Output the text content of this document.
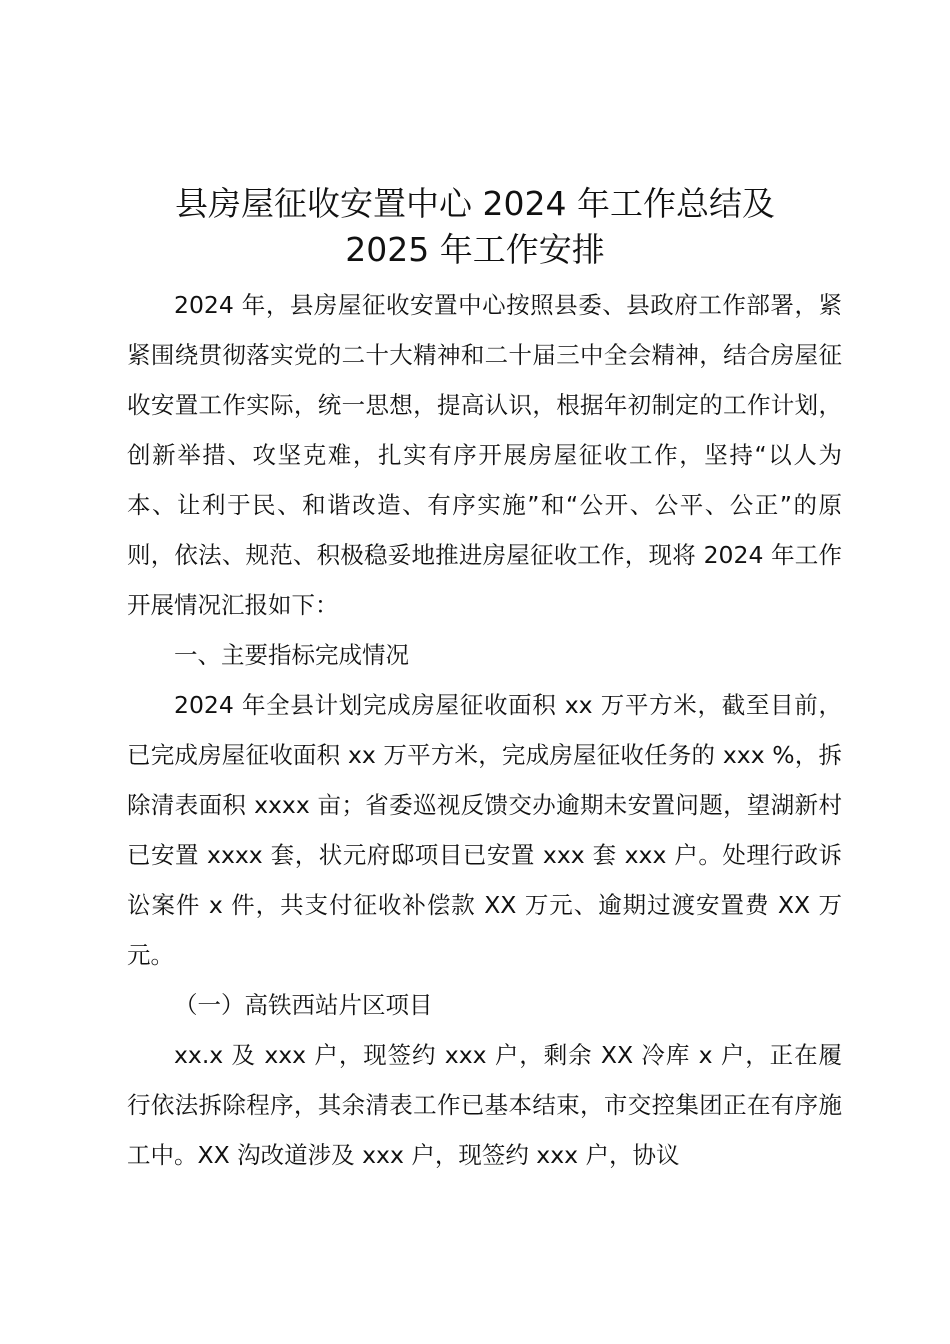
县房屋征收安置中心 2024 年工作总结及
2025 年工作安排

2024 年，县房屋征收安置中心按照县委、县政府工作部署，紧紧围绕贯彻落实党的二十大精神和二十届三中全会精神，结合房屋征收安置工作实际，统一思想，提高认识，根据年初制定的工作计划，创新举措、攻坚克难，扎实有序开展房屋征收工作，坚持“以人为本、让利于民、和谐改造、有序实施”和“公开、公平、公正”的原则，依法、规范、积极稳妥地推进房屋征收工作，现将 2024 年工作开展情况汇报如下：

一、主要指标完成情况

2024 年全县计划完成房屋征收面积 xx 万平方米，截至目前，已完成房屋征收面积 xx 万平方米，完成房屋征收任务的 xxx %，拆除清表面积 xxxx 亩；省委巡视反馈交办逾期未安置问题，望湖新村已安置 xxxx 套，状元府邸项目已安置 xxx 套 xxx 户。处理行政诉讼案件 x 件，共支付征收补偿款 XX 万元、逾期过渡安置费 XX 万元。

（一）高铁西站片区项目

xx.x 及 xxx 户，现签约 xxx 户，剩余 XX 冷库 x 户，正在履行依法拆除程序，其余清表工作已基本结束，市交控集团正在有序施工中。XX 沟改道涉及 xxx 户，现签约 xxx 户，协议
